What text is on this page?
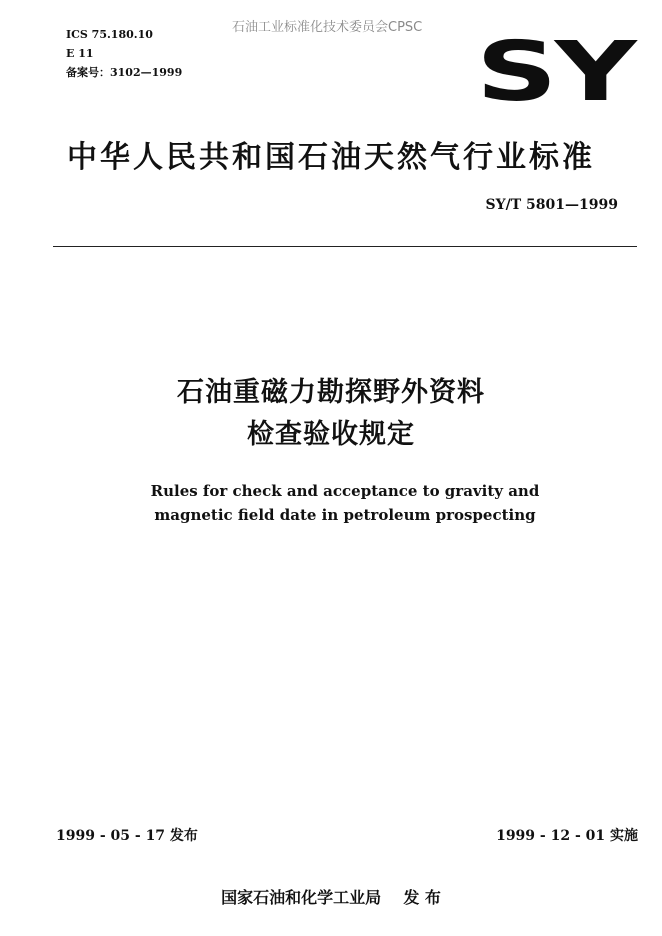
ICS 75.180.10
E 11
备案号：3102—1999
石油工业标准化技术委员会CPSC SY
中华人民共和国石油天然气行业标准
SY/T 5801—1999
石油重磁力勘探野外资料
检查验收规定
Rules for check and acceptance to gravity and
magnetic field date in petroleum prospecting
1999 - 05 - 17 发布	1999 - 12 - 01 实施
国家石油和化学工业局    发 布
